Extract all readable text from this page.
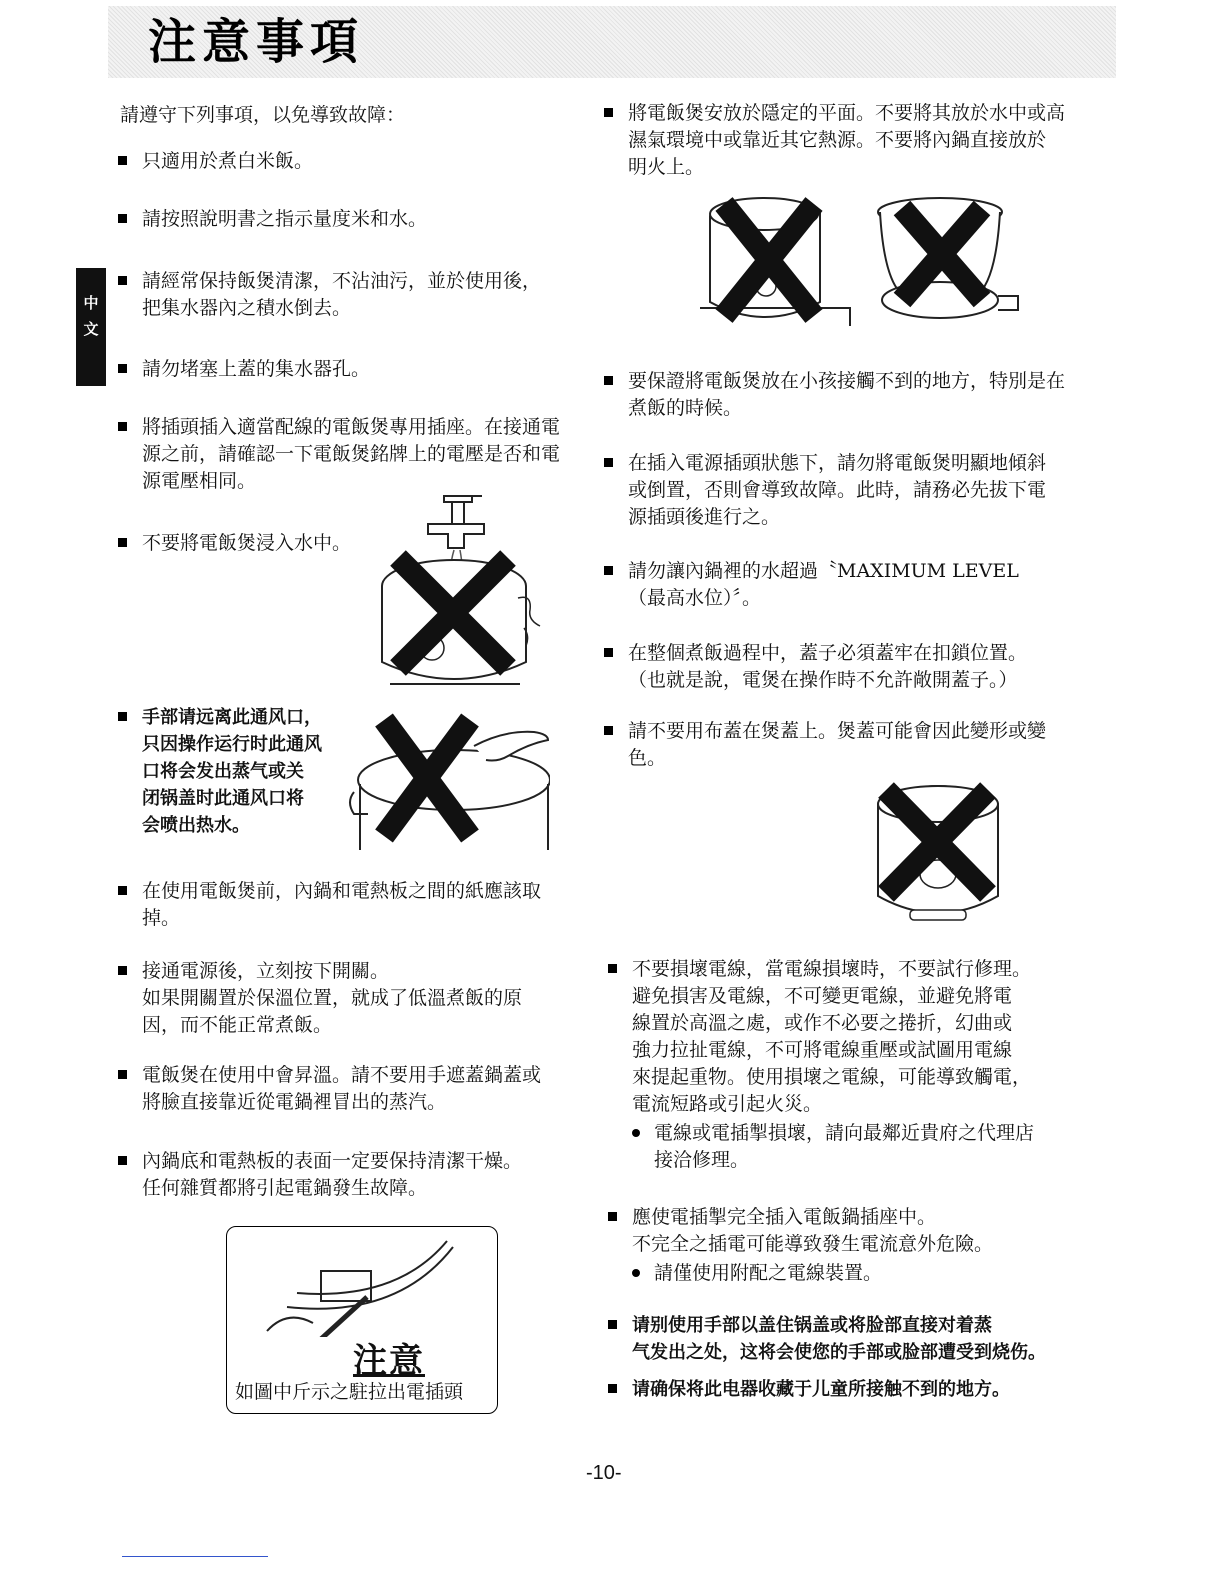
注意事項
中文
請遵守下列事項，以免導致故障：
只適用於煮白米飯。
請按照說明書之指示量度米和水。
請經常保持飯煲清潔，不沾油污，並於使用後，
把集水器內之積水倒去。
請勿堵塞上蓋的集水器孔。
將插頭插入適當配線的電飯煲專用插座。在接通電
源之前，請確認一下電飯煲銘牌上的電壓是否和電
源電壓相同。
不要將電飯煲浸入水中。
手部请远离此通风口，
只因操作运行时此通风
口将会发出蒸气或关
闭锅盖时此通风口将
会喷出热水。
在使用電飯煲前，內鍋和電熱板之間的紙應該取
掉。
接通電源後，立刻按下開關。
如果開關置於保溫位置，就成了低溫煮飯的原
因，而不能正常煮飯。
電飯煲在使用中會昇溫。請不要用手遮蓋鍋蓋或
將臉直接靠近從電鍋裡冒出的蒸汽。
內鍋底和電熱板的表面一定要保持清潔干燥。
任何雜質都將引起電鍋發生故障。
注意
如圖中斤示之駐拉出電插頭
將電飯煲安放於隱定的平面。不要將其放於水中或高
濕氣環境中或靠近其它熱源。不要將內鍋直接放於
明火上。
要保證將電飯煲放在小孩接觸不到的地方，特別是在
煮飯的時候。
在插入電源插頭狀態下，請勿將電飯煲明顯地傾斜
或倒置，否則會導致故障。此時，請務必先拔下電
源插頭後進行之。
請勿讓內鍋裡的水超過〝MAXIMUM LEVEL
（最高水位）〞。
在整個煮飯過程中，蓋子必須蓋牢在扣鎖位置。
（也就是說，電煲在操作時不允許敞開蓋子。）
請不要用布蓋在煲蓋上。煲蓋可能會因此變形或變
色。
不要損壞電線，當電線損壞時，不要試行修理。
避免損害及電線，不可變更電線，並避免將電
線置於高溫之處，或作不必要之捲折，幻曲或
強力拉扯電線，不可將電線重壓或試圖用電線
來提起重物。使用損壞之電線，可能導致觸電，
電流短路或引起火災。
電線或電插掣損壞，請向最鄰近貴府之代理店
接洽修理。
應使電插掣完全插入電飯鍋插座中。
不完全之插電可能導致發生電流意外危險。
請僅使用附配之電線裝置。
请别使用手部以盖住锅盖或将脸部直接对着蒸
气发出之处，这将会使您的手部或脸部遭受到烧伤。
请确保将此电器收藏于儿童所接触不到的地方。
-10-
